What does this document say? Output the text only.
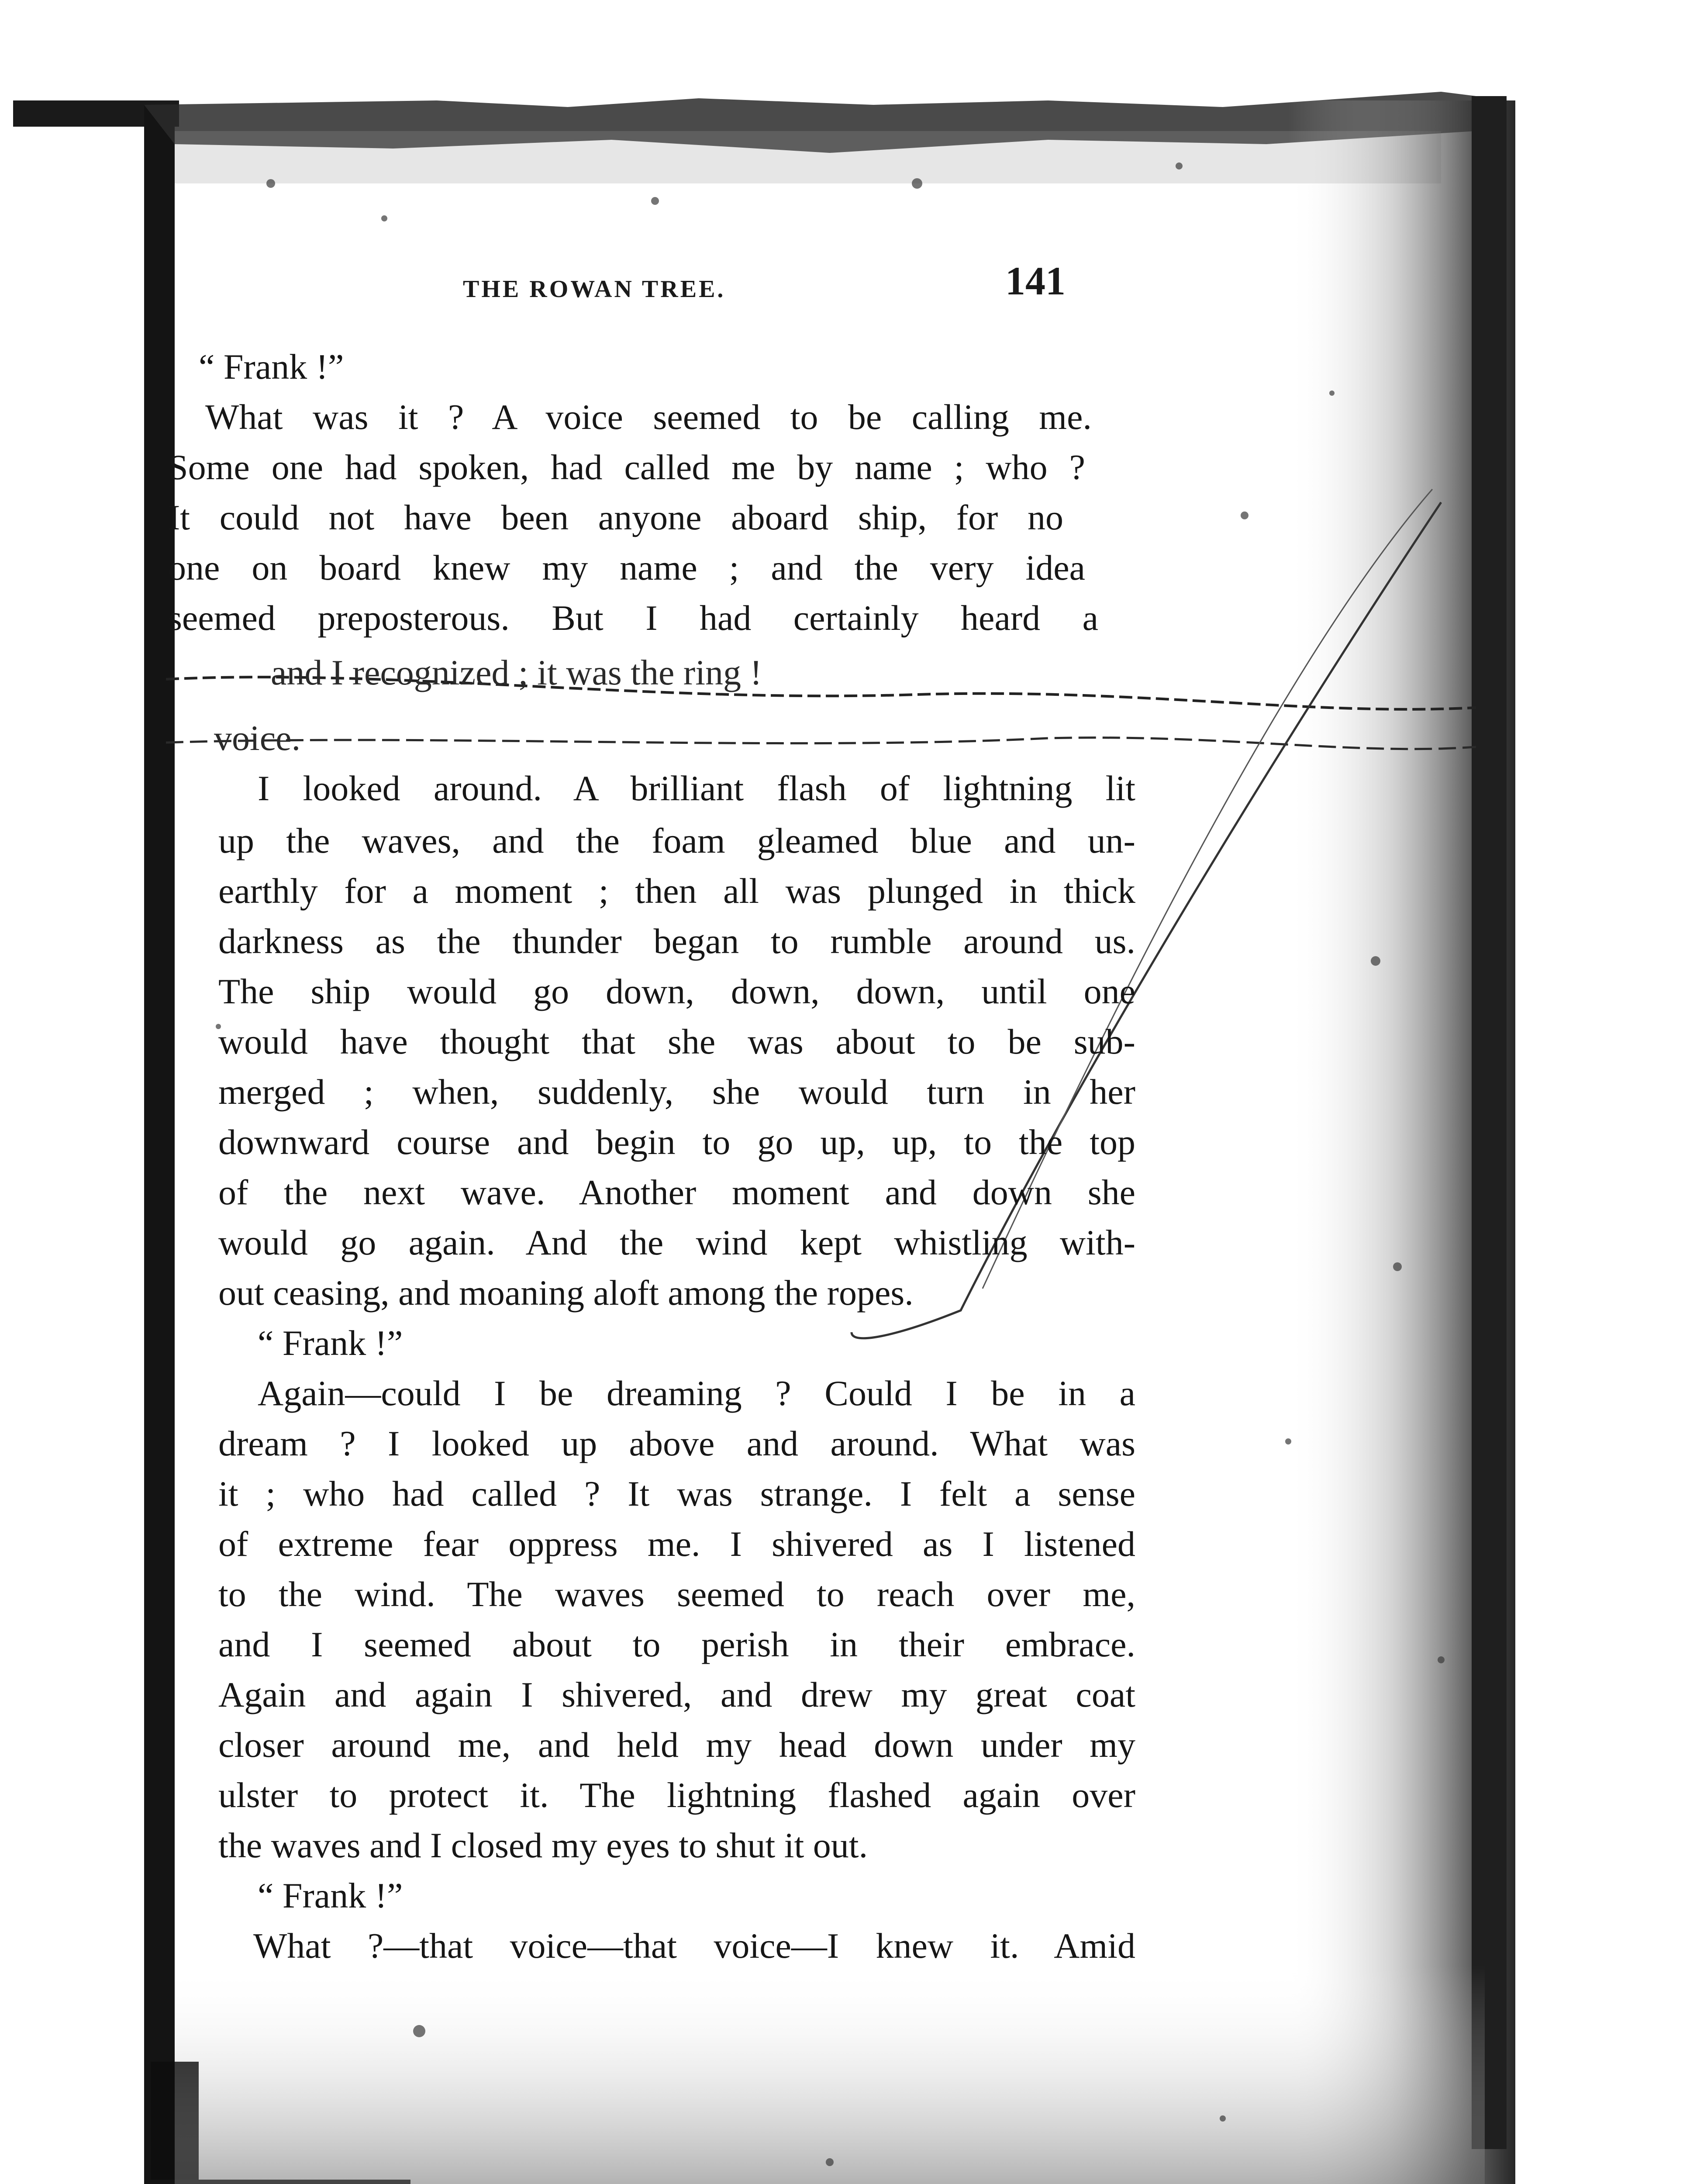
THE ROWAN TREE.	141
“ Frank !”
What was it ? A voice seemed to be calling me.
Some one had spoken, had called me by name ; who ?
It could not have been anyone aboard ship, for no
one on board knew my name ; and the very idea
seemed preposterous. But I had certainly heard a
and I recognized ; it was the ring !
voice.
I looked around. A brilliant flash of lightning lit
up the waves, and the foam gleamed blue and un-
earthly for a moment ; then all was plunged in thick
darkness as the thunder began to rumble around us.
The ship would go down, down, down, until one
would have thought that she was about to be sub-
merged ; when, suddenly, she would turn in her
downward course and begin to go up, up, to the top
of the next wave. Another moment and down she
would go again. And the wind kept whistling with-
out ceasing, and moaning aloft among the ropes.
“ Frank !”
Again—could I be dreaming ? Could I be in a
dream ? I looked up above and around. What was
it ; who had called ? It was strange. I felt a sense
of extreme fear oppress me. I shivered as I listened
to the wind. The waves seemed to reach over me,
and I seemed about to perish in their embrace.
Again and again I shivered, and drew my great coat
closer around me, and held my head down under my
ulster to protect it. The lightning flashed again over
the waves and I closed my eyes to shut it out.
“ Frank !”
What ?—that voice—that voice—I knew it. Amid
